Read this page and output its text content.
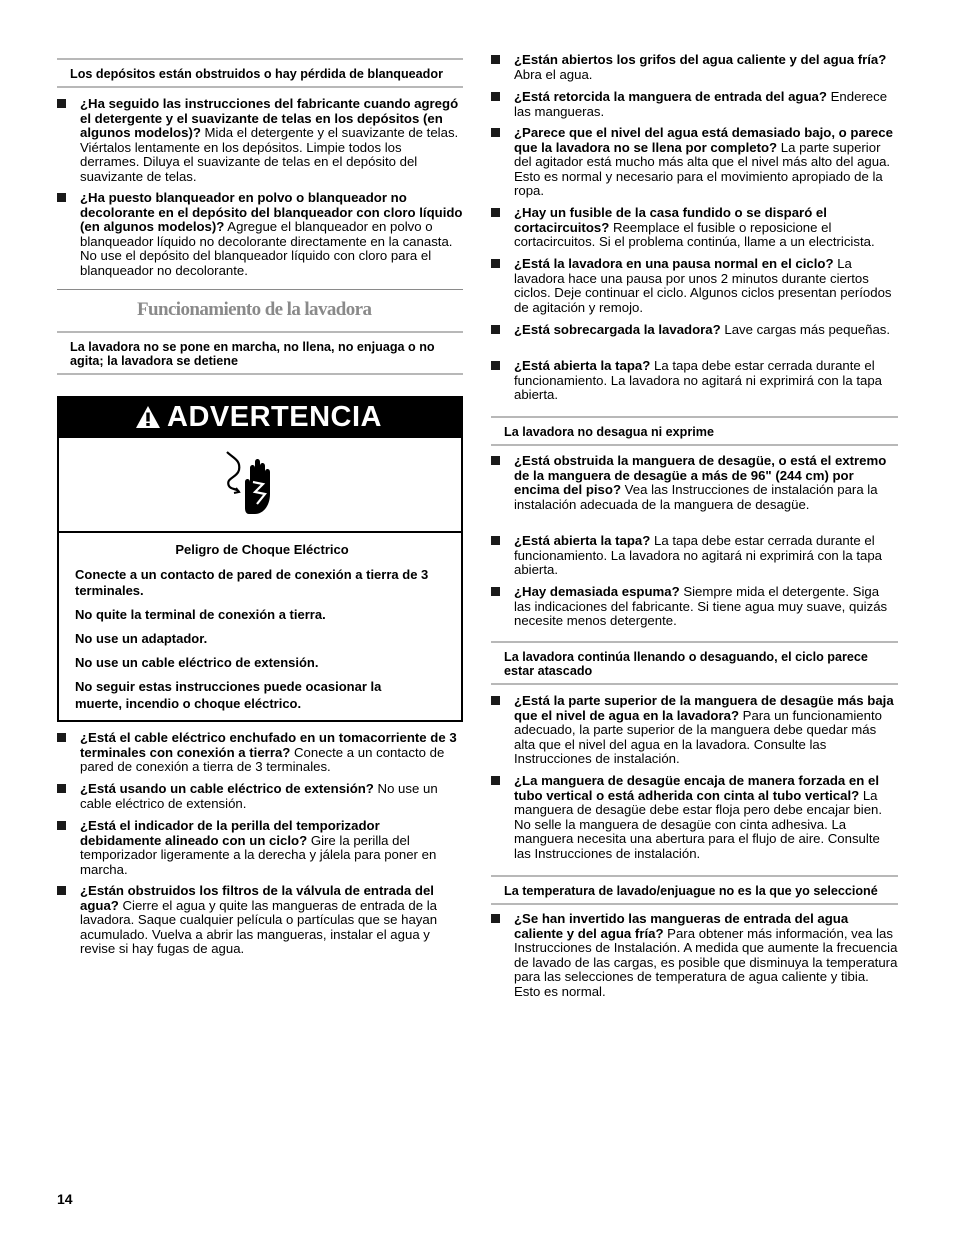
Los depósitos están obstruidos o hay pérdida de blanqueador
¿Ha seguido las instrucciones del fabricante cuando agregó el detergente y el suavizante de telas en los depósitos (en algunos modelos)? Mida el detergente y el suavizante de telas. Viértalos lentamente en los depósitos. Limpie todos los derrames. Diluya el suavizante de telas en el depósito del suavizante de telas.
¿Ha puesto blanqueador en polvo o blanqueador no decolorante en el depósito del blanqueador con cloro líquido (en algunos modelos)? Agregue el blanqueador en polvo o blanqueador líquido no decolorante directamente en la canasta. No use el depósito del blanqueador líquido con cloro para el blanqueador no decolorante.
Funcionamiento de la lavadora
La lavadora no se pone en marcha, no llena, no enjuaga o no agita; la lavadora se detiene
ADVERTENCIA
Peligro de Choque Eléctrico
Conecte a un contacto de pared de conexión a tierra de 3 terminales.
No quite la terminal de conexión a tierra.
No use un adaptador.
No use un cable eléctrico de extensión.
No seguir estas instrucciones puede ocasionar la muerte, incendio o choque eléctrico.
¿Está el cable eléctrico enchufado en un tomacorriente de 3 terminales con conexión a tierra? Conecte a un contacto de pared de conexión a tierra de 3 terminales.
¿Está usando un cable eléctrico de extensión? No use un cable eléctrico de extensión.
¿Está el indicador de la perilla del temporizador debidamente alineado con un ciclo? Gire la perilla del temporizador ligeramente a la derecha y jálela para poner en marcha.
¿Están obstruidos los filtros de la válvula de entrada del agua? Cierre el agua y quite las mangueras de entrada de la lavadora. Saque cualquier película o partículas que se hayan acumulado. Vuelva a abrir las mangueras, instalar el agua y revise si hay fugas de agua.
¿Están abiertos los grifos del agua caliente y del agua fría? Abra el agua.
¿Está retorcida la manguera de entrada del agua? Enderece las mangueras.
¿Parece que el nivel del agua está demasiado bajo, o parece que la lavadora no se llena por completo? La parte superior del agitador está mucho más alta que el nivel más alto del agua. Esto es normal y necesario para el movimiento apropiado de la ropa.
¿Hay un fusible de la casa fundido o se disparó el cortacircuitos? Reemplace el fusible o reposicione el cortacircuitos. Si el problema continúa, llame a un electricista.
¿Está la lavadora en una pausa normal en el ciclo? La lavadora hace una pausa por unos 2 minutos durante ciertos ciclos. Deje continuar el ciclo. Algunos ciclos presentan períodos de agitación y remojo.
¿Está sobrecargada la lavadora? Lave cargas más pequeñas.
¿Está abierta la tapa? La tapa debe estar cerrada durante el funcionamiento. La lavadora no agitará ni exprimirá con la tapa abierta.
La lavadora no desagua ni exprime
¿Está obstruida la manguera de desagüe, o está el extremo de la manguera de desagüe a más de 96" (244 cm) por encima del piso? Vea las Instrucciones de instalación para la instalación adecuada de la manguera de desagüe.
¿Está abierta la tapa? La tapa debe estar cerrada durante el funcionamiento. La lavadora no agitará ni exprimirá con la tapa abierta.
¿Hay demasiada espuma? Siempre mida el detergente. Siga las indicaciones del fabricante. Si tiene agua muy suave, quizás necesite menos detergente.
La lavadora continúa llenando o desaguando, el ciclo parece estar atascado
¿Está la parte superior de la manguera de desagüe más baja que el nivel de agua en la lavadora? Para un funcionamiento adecuado, la parte superior de la manguera debe quedar más alta que el nivel del agua en la lavadora. Consulte las Instrucciones de instalación.
¿La manguera de desagüe encaja de manera forzada en el tubo vertical o está adherida con cinta al tubo vertical? La manguera de desagüe debe estar floja pero debe encajar bien. No selle la manguera de desagüe con cinta adhesiva. La manguera necesita una abertura para el flujo de aire. Consulte las Instrucciones de instalación.
La temperatura de lavado/enjuague no es la que yo seleccioné
¿Se han invertido las mangueras de entrada del agua caliente y del agua fría? Para obtener más información, vea las Instrucciones de Instalación. A medida que aumente la frecuencia de lavado de las cargas, es posible que disminuya la temperatura para las selecciones de temperatura de agua caliente y tibia. Esto es normal.
14
